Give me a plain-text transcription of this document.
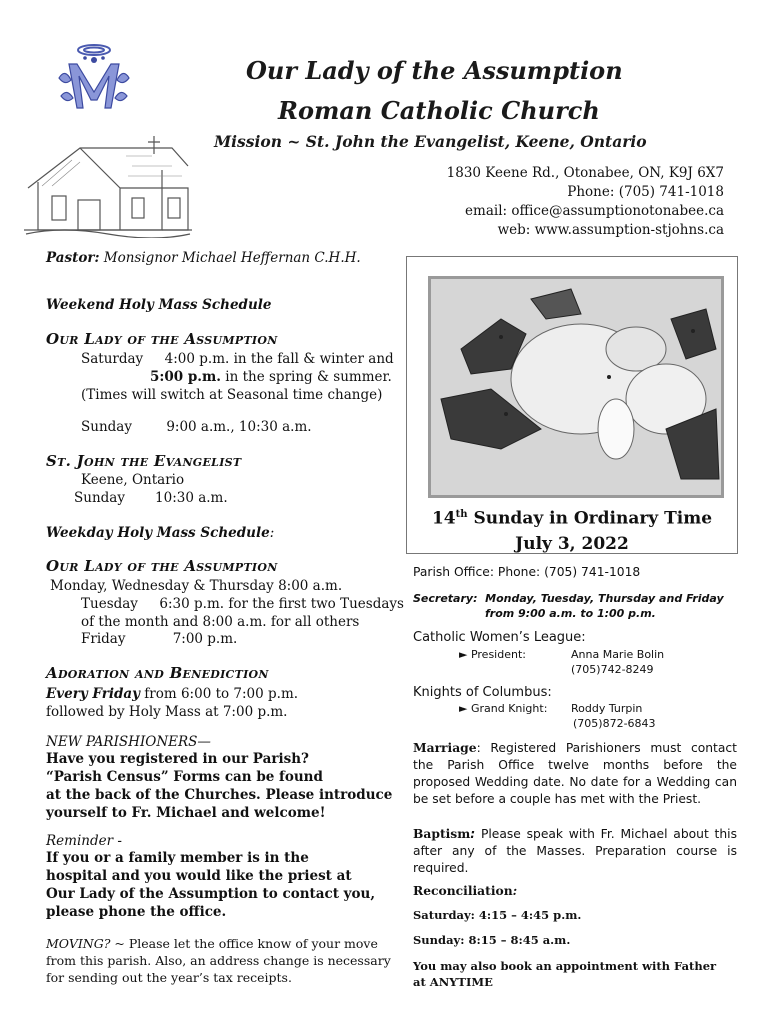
Our Lady of the Assumption
Roman Catholic Church
Mission ~ St. John the Evangelist, Keene, Ontario
1830 Keene Rd., Otonabee, ON, K9J 6X7
Phone: (705) 741-1018
email: office@assumptionotonabee.ca
web: www.assumption-stjohns.ca
Pastor: Monsignor Michael Heffernan C.H.H.
Weekend Holy Mass Schedule
Our Lady of the Assumption
Saturday 4:00 p.m. in the fall & winter and
5:00 p.m. in the spring & summer.
(Times will switch at Seasonal time change)
Sunday	9:00 a.m., 10:30 a.m.
St. John the Evangelist
Keene, Ontario
Sunday 10:30 a.m.
Weekday Holy Mass Schedule:
Our Lady of the Assumption
Monday, Wednesday & Thursday 8:00 a.m.
Tuesday 6:30 p.m. for the first two Tuesdays
of the month and 8:00 a.m. for all others
Friday	7:00 p.m.
Adoration and Benediction
Every Friday from 6:00 to 7:00 p.m.
followed by Holy Mass at 7:00 p.m.
NEW PARISHIONERS—
Have you registered in our Parish?
“Parish Census” Forms can be found
at the back of the Churches. Please introduce
yourself to Fr. Michael and welcome!
Reminder -
If you or a family member is in the
hospital and you would like the priest at
Our Lady of the Assumption to contact you,
please phone the office.
MOVING? ~ Please let the office know of your move
from this parish. Also, an address change is necessary
for sending out the year’s tax receipts.
14th Sunday in Ordinary Time
July 3, 2022
Parish Office: Phone: (705) 741-1018
Secretary: Monday, Tuesday, Thursday and Friday
from 9:00 a.m. to 1:00 p.m.
Catholic Women’s League:
► President:	Anna Marie Bolin
(705)742-8249
Knights of Columbus:
► Grand Knight: Roddy Turpin
(705)872-6843
Marriage: Registered Parishioners must contact the Parish Office twelve months before the proposed Wedding date. No date for a Wedding can be set before a couple has met with the Priest.
Baptism: Please speak with Fr. Michael about this after any of the Masses. Preparation course is required.
Reconciliation:
Saturday: 4:15 – 4:45 p.m.
Sunday: 8:15 – 8:45 a.m.
You may also book an appointment with Father
at ANYTIME
